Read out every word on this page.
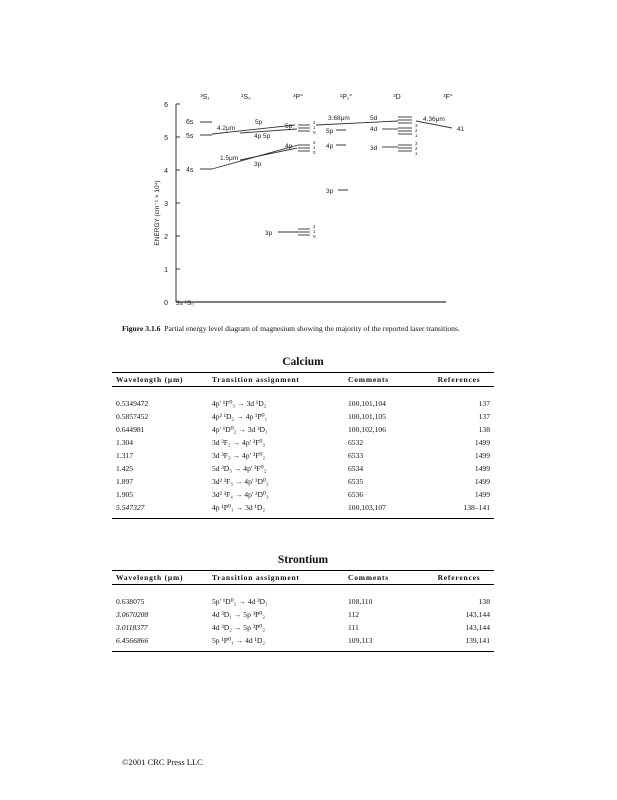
0
1
2
3
4
5
6
ENERGY (cm⁻¹ × 10⁴)
³S₁	¹S₀	³P°	¹P₁°	³D	³F°
3s ²S₀
6s
5s
4s
4.2μm
1.5μm
3.68μm	4.36μm
41
5p
4p 5p
3p
5p
4p
3p
2
1
0
2
1
0
2
1
0
5p
4p
3p
5d
4d
3d
3
2
1
3
2
1
Figure 3.1.6 Partial energy level diagram of magnesium showing the majority of the reported laser transitions.
Calcium
Wavelength (μm)	Transition assignment	Comments	References
0.5349472	4p' ¹F⁰₃ → 3d ¹D₂	100,101,104	137
0.5857452	4p² ¹D₂ → 4p ¹P⁰₁	100,101,105	137
0.644981	4p' ¹D⁰₂ → 3d ³D₁	100,102,106	138
1.304	3d ³F₂ → 4p' ³F⁰₃	6532	1499
1.317	3d ³F₃ → 4p' ³F⁰₂	6533	1499
1.425	5d ³D₃ → 4p' ³F⁰₂	6534	1499
1.897	3d² ³F₃ → 4p' ³D⁰₂	6535	1499
1.905	3d² ³F₄ → 4p' ³D⁰₃	6536	1499
5.547327	4p ¹P⁰₁ → 3d ¹D₂	100,103,107	138–141
Strontium
Wavelength (μm)	Transition assignment	Comments	References
0.638075	5p' ¹D⁰₂ → 4d ³D₁	108,110	138
3.0670208	4d ³D₁ → 5p ³P⁰₂	112	143,144
3.0118377	4d ³D₂ → 5p ³P⁰₂	111	143,144
6.4566866	5p ¹P⁰₁ → 4d ¹D₂	109,113	139,141
©2001 CRC Press LLC
